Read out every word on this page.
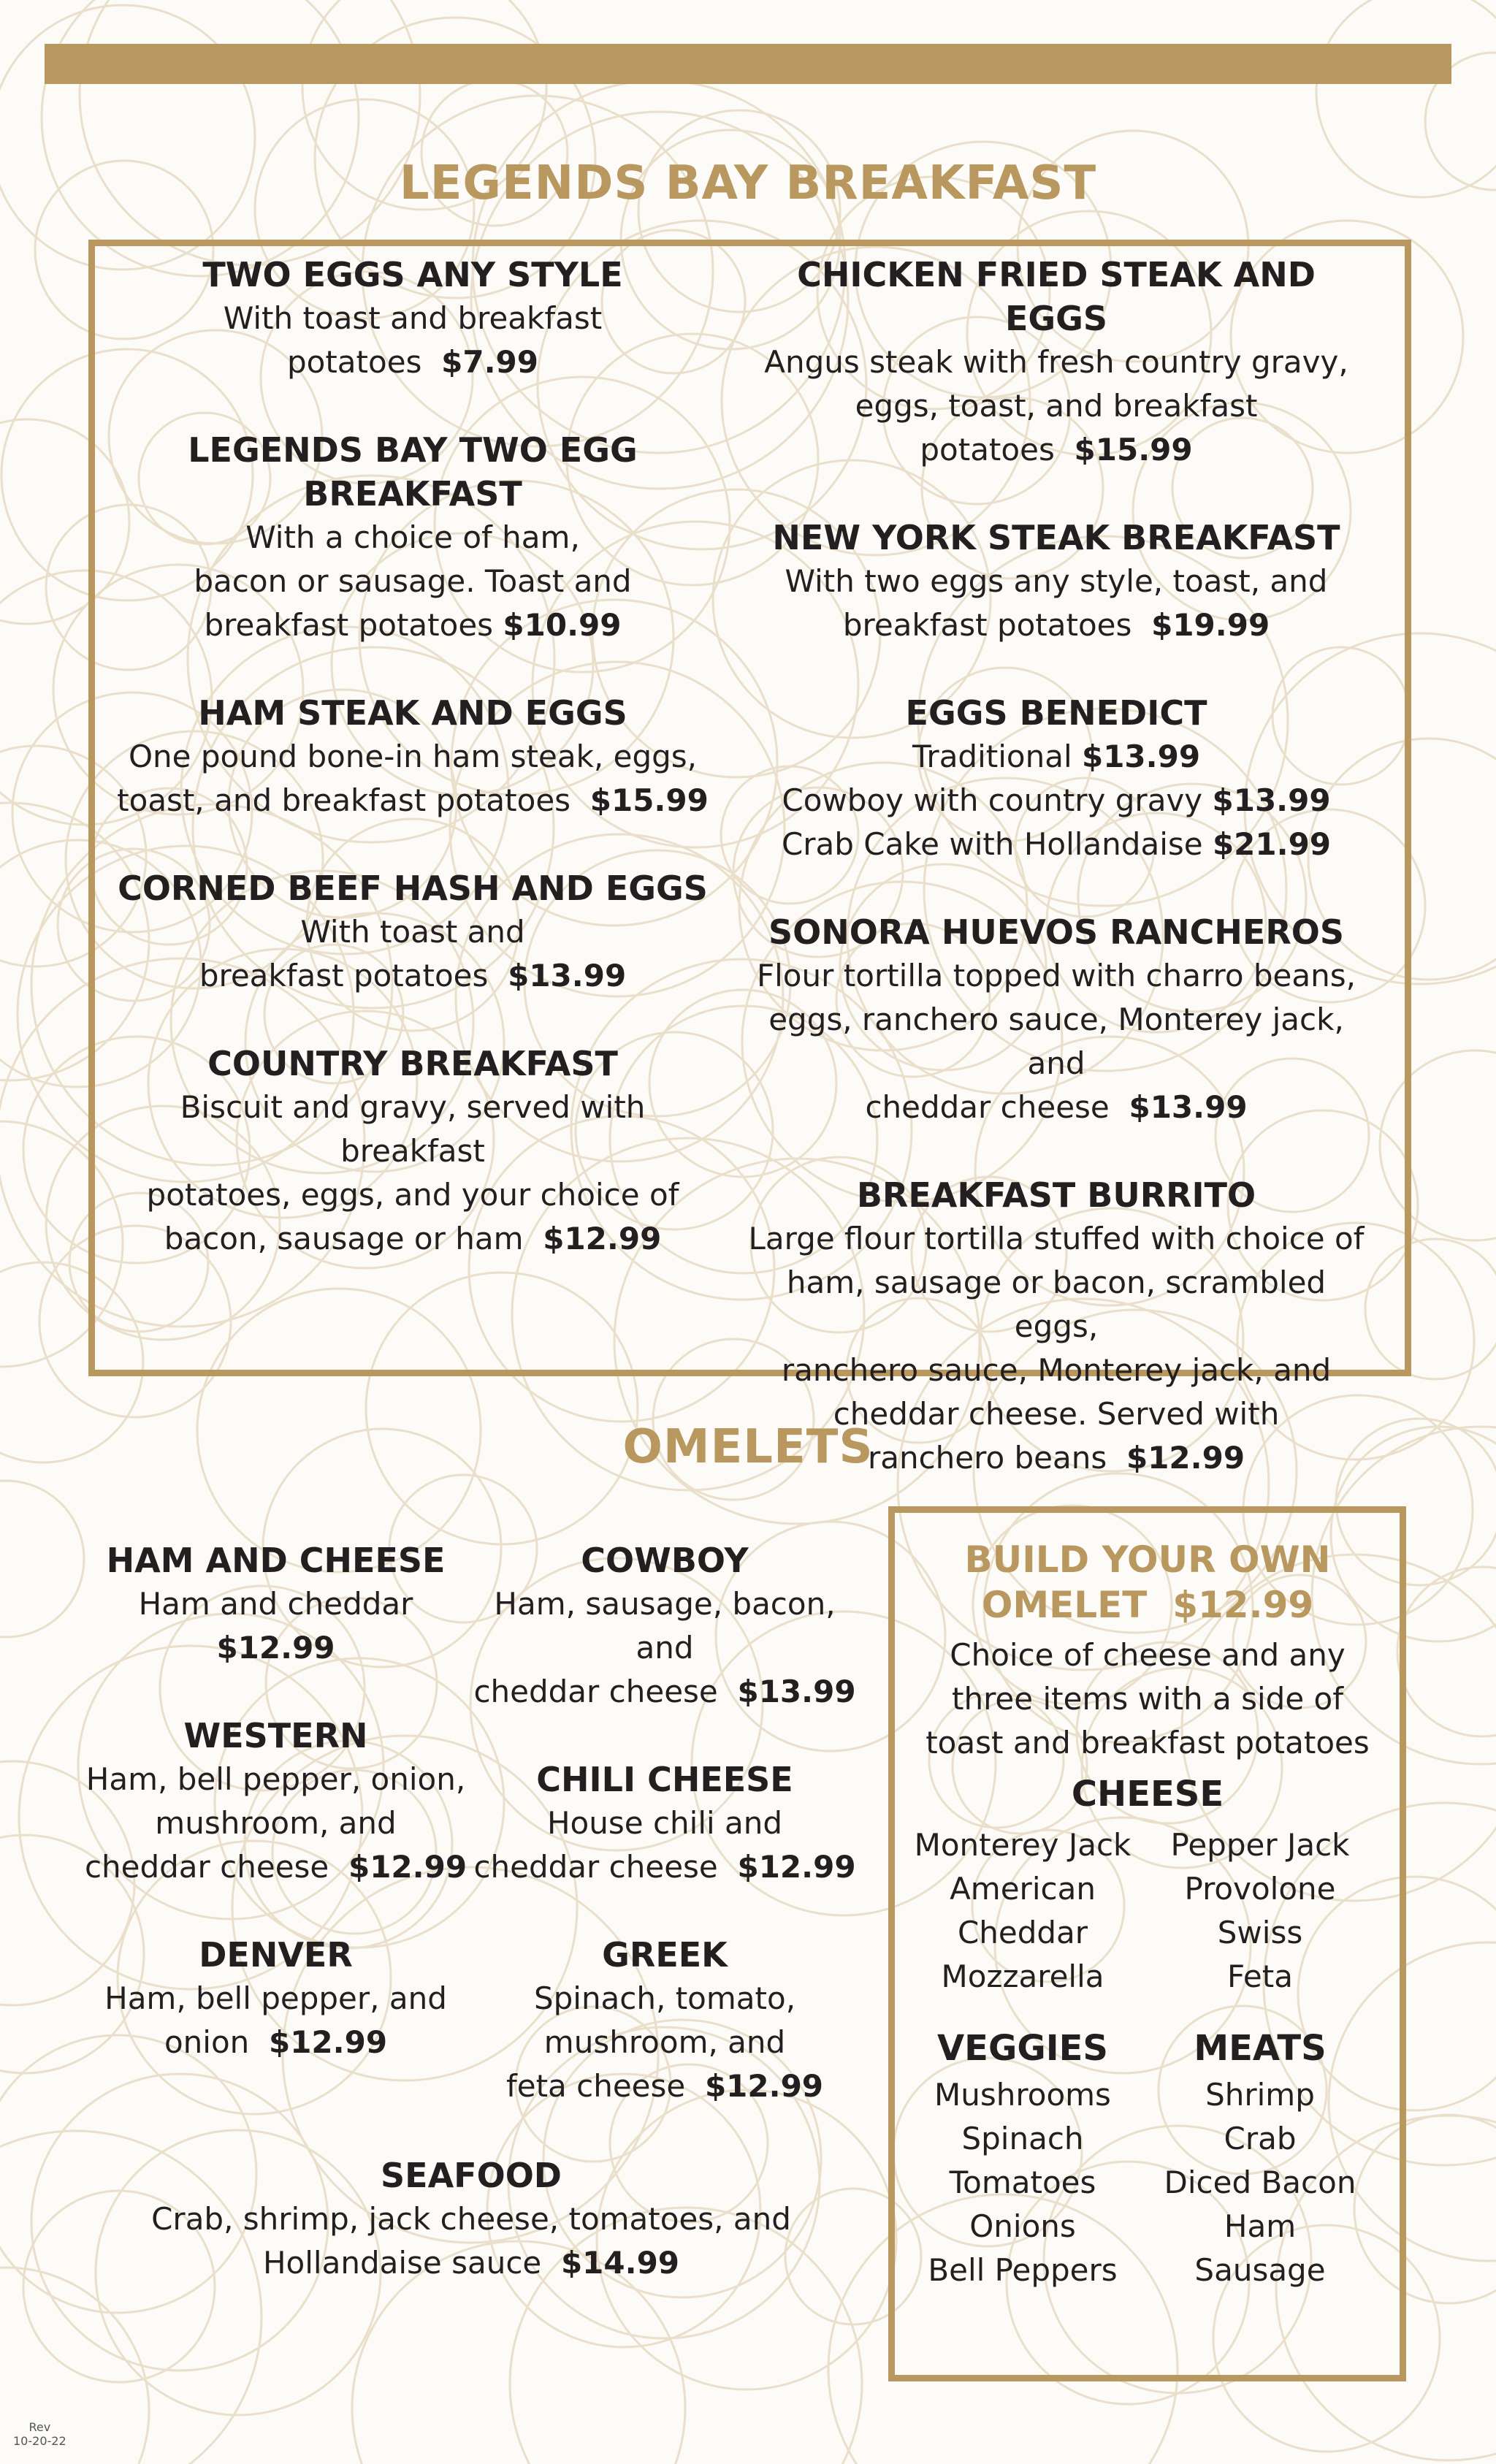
LEGENDS BAY BREAKFAST
TWO EGGS ANY STYLE

With toast and breakfast

potatoes $7.99

LEGENDS BAY TWO EGG
BREAKFAST

With a choice of ham,

bacon or sausage. Toast and

breakfast potatoes $10.99

HAM STEAK AND EGGS

One pound bone-in ham steak, eggs,

toast, and breakfast potatoes $15.99

CORNED BEEF HASH AND EGGS

With toast and

breakfast potatoes $13.99

COUNTRY BREAKFAST

Biscuit and gravy, served with breakfast

potatoes, eggs, and your choice of

bacon, sausage or ham $12.99

CHICKEN FRIED STEAK AND EGGS

Angus steak with fresh country gravy,

eggs, toast, and breakfast

potatoes $15.99

NEW YORK STEAK BREAKFAST

With two eggs any style, toast, and

breakfast potatoes $19.99

EGGS BENEDICT

Traditional $13.99

Cowboy with country gravy $13.99

Crab Cake with Hollandaise $21.99

SONORA HUEVOS RANCHEROS

Flour tortilla topped with charro beans,

eggs, ranchero sauce, Monterey jack, and

cheddar cheese $13.99

BREAKFAST BURRITO

Large flour tortilla stuffed with choice of

ham, sausage or bacon, scrambled eggs,

ranchero sauce, Monterey jack, and

cheddar cheese. Served with

ranchero beans $12.99

OMELETS
HAM AND CHEESE

Ham and cheddar

$12.99

WESTERN

Ham, bell pepper, onion,

mushroom, and

cheddar cheese $12.99

DENVER

Ham, bell pepper, and

onion $12.99

COWBOY

Ham, sausage, bacon, and

cheddar cheese $13.99

CHILI CHEESE

House chili and

cheddar cheese $12.99

GREEK

Spinach, tomato,

mushroom, and

feta cheese $12.99

SEAFOOD

Crab, shrimp, jack cheese, tomatoes, and

Hollandaise sauce $14.99

BUILD YOUR OWN

OMELET $12.99

Choice of cheese and any

three items with a side of

toast and breakfast potatoes

CHEESE

Monterey Jack
American
Cheddar
Mozzarella
Pepper Jack
Provolone
Swiss
Feta

VEGGIES

Mushrooms
Spinach
Tomatoes
Onions
Bell Peppers

MEATS

Shrimp
Crab
Diced Bacon
Ham
Sausage
Rev
10-20-22
